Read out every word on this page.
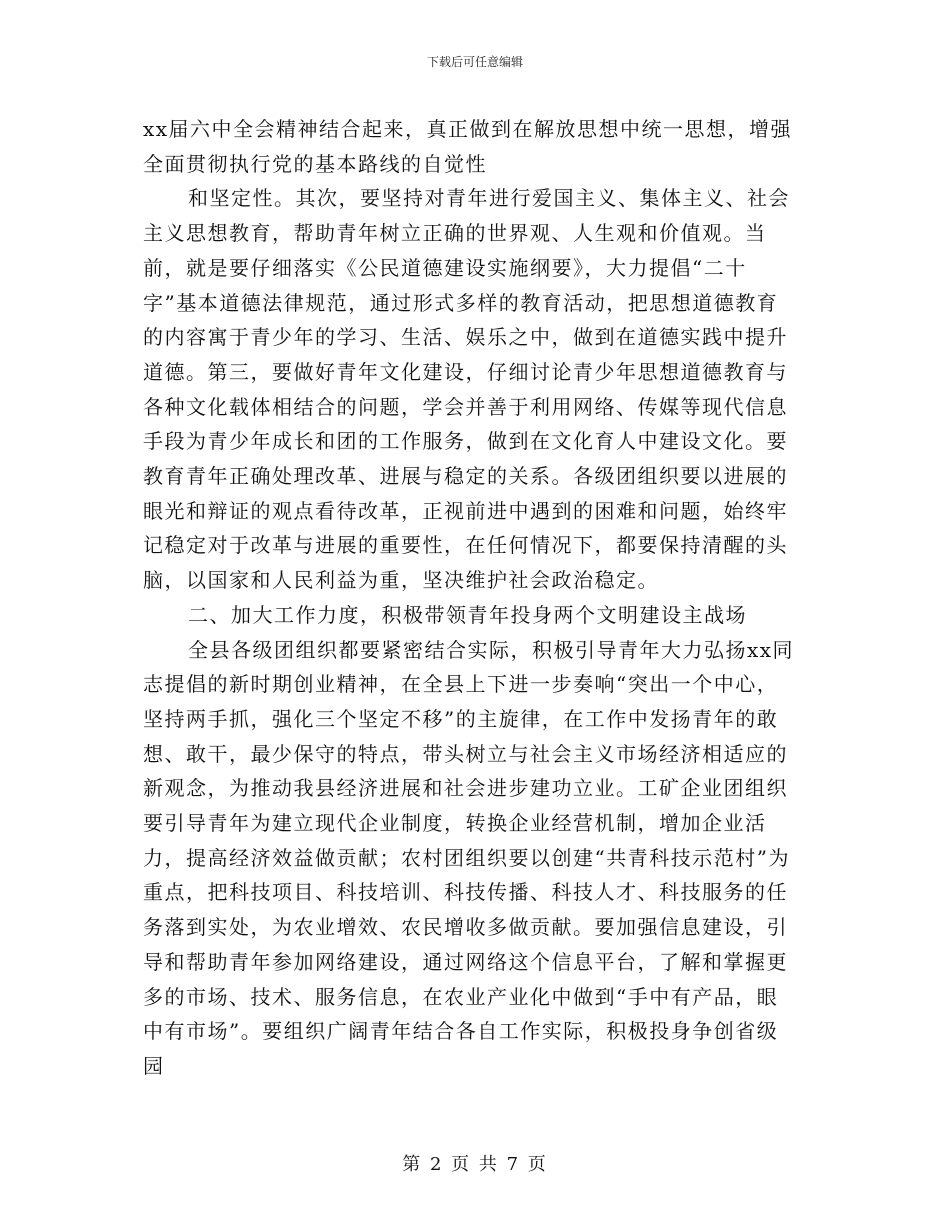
下载后可任意编辑

xx届六中全会精神结合起来，真正做到在解放思想中统一思想，增强全面贯彻执行党的基本路线的自觉性

和坚定性。其次，要坚持对青年进行爱国主义、集体主义、社会主义思想教育，帮助青年树立正确的世界观、人生观和价值观。当前，就是要仔细落实《公民道德建设实施纲要》，大力提倡“二十字”基本道德法律规范，通过形式多样的教育活动，把思想道德教育的内容寓于青少年的学习、生活、娱乐之中，做到在道德实践中提升道德。第三，要做好青年文化建设，仔细讨论青少年思想道德教育与各种文化载体相结合的问题，学会并善于利用网络、传媒等现代信息手段为青少年成长和团的工作服务，做到在文化育人中建设文化。要教育青年正确处理改革、进展与稳定的关系。各级团组织要以进展的眼光和辩证的观点看待改革，正视前进中遇到的困难和问题，始终牢记稳定对于改革与进展的重要性，在任何情况下，都要保持清醒的头脑，以国家和人民利益为重，坚决维护社会政治稳定。

二、加大工作力度，积极带领青年投身两个文明建设主战场

全县各级团组织都要紧密结合实际，积极引导青年大力弘扬xx同志提倡的新时期创业精神，在全县上下进一步奏响“突出一个中心，坚持两手抓，强化三个坚定不移”的主旋律，在工作中发扬青年的敢想、敢干，最少保守的特点，带头树立与社会主义市场经济相适应的新观念，为推动我县经济进展和社会进步建功立业。工矿企业团组织要引导青年为建立现代企业制度，转换企业经营机制，增加企业活力，提高经济效益做贡献；农村团组织要以创建“共青科技示范村”为重点，把科技项目、科技培训、科技传播、科技人才、科技服务的任务落到实处，为农业增效、农民增收多做贡献。要加强信息建设，引导和帮助青年参加网络建设，通过网络这个信息平台，了解和掌握更多的市场、技术、服务信息，在农业产业化中做到“手中有产品，眼中有市场”。要组织广阔青年结合各自工作实际，积极投身争创省级园

第 2 页 共 7 页
